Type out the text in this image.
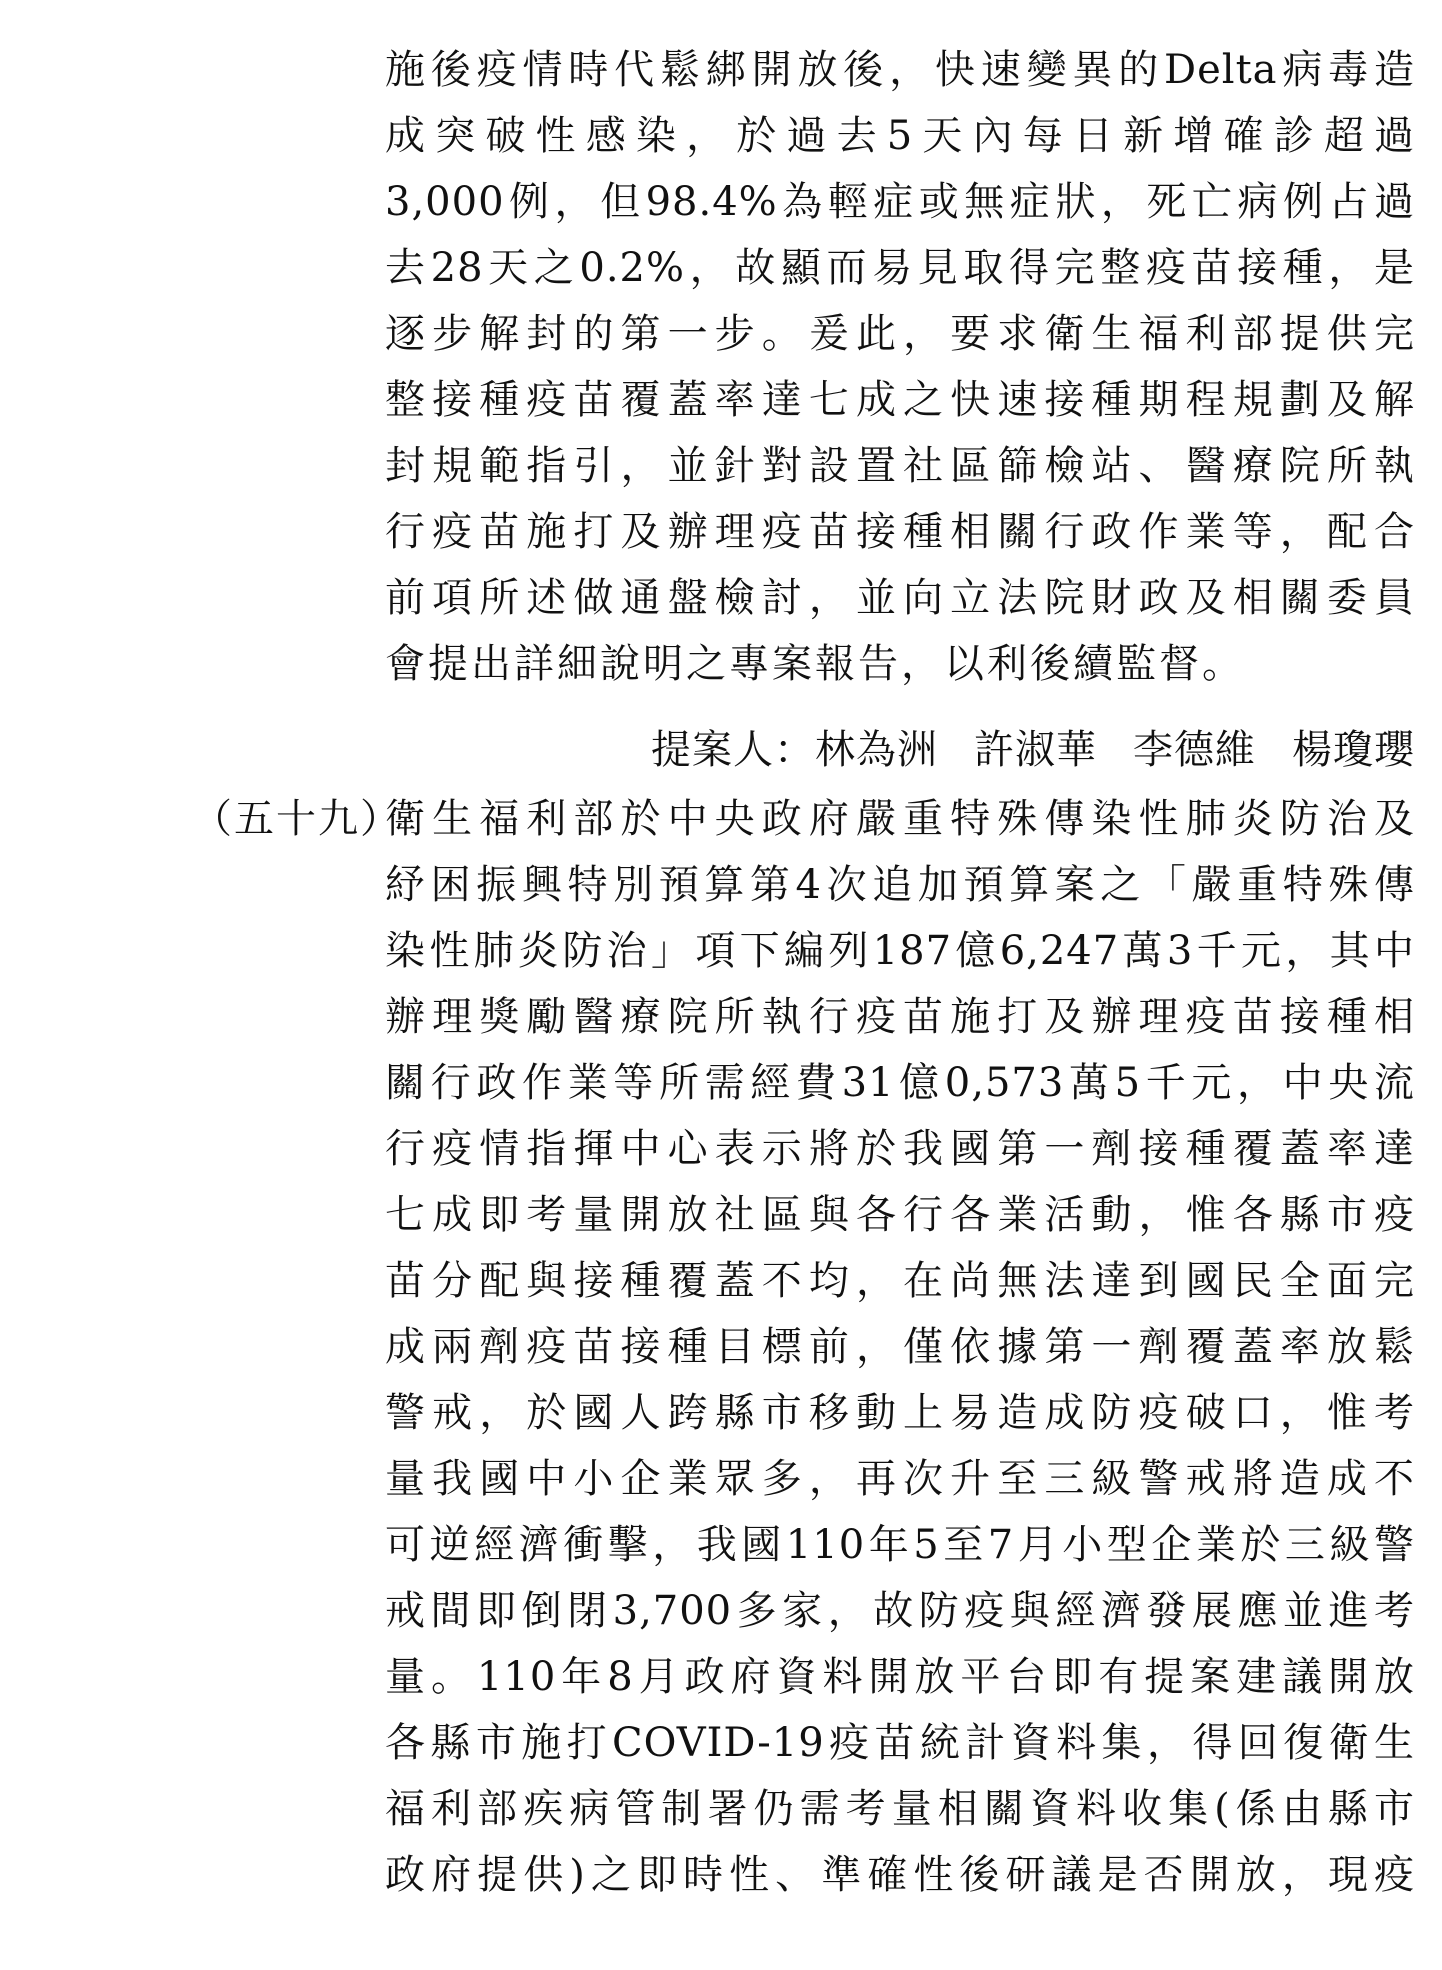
施後疫情時代鬆綁開放後，快速變異的Delta病毒造
成突破性感染，於過去5天內每日新增確診超過
3,000例，但98.4%為輕症或無症狀，死亡病例占過
去28天之0.2%，故顯而易見取得完整疫苗接種，是
逐步解封的第一步。爰此，要求衛生福利部提供完
整接種疫苗覆蓋率達七成之快速接種期程規劃及解
封規範指引，並針對設置社區篩檢站、醫療院所執
行疫苗施打及辦理疫苗接種相關行政作業等，配合
前項所述做通盤檢討，並向立法院財政及相關委員
會提出詳細說明之專案報告，以利後續監督。
提案人：林為洲 許淑華 李德維 楊瓊瓔
（五十九）
衛生福利部於中央政府嚴重特殊傳染性肺炎防治及
紓困振興特別預算第4次追加預算案之「嚴重特殊傳
染性肺炎防治」項下編列187億6,247萬3千元，其中
辦理獎勵醫療院所執行疫苗施打及辦理疫苗接種相
關行政作業等所需經費31億0,573萬5千元，中央流
行疫情指揮中心表示將於我國第一劑接種覆蓋率達
七成即考量開放社區與各行各業活動，惟各縣市疫
苗分配與接種覆蓋不均，在尚無法達到國民全面完
成兩劑疫苗接種目標前，僅依據第一劑覆蓋率放鬆
警戒，於國人跨縣市移動上易造成防疫破口，惟考
量我國中小企業眾多，再次升至三級警戒將造成不
可逆經濟衝擊，我國110年5至7月小型企業於三級警
戒間即倒閉3,700多家，故防疫與經濟發展應並進考
量。110年8月政府資料開放平台即有提案建議開放
各縣市施打COVID-19疫苗統計資料集，得回復衛生
福利部疾病管制署仍需考量相關資料收集(係由縣市
政府提供)之即時性、準確性後研議是否開放，現疫
